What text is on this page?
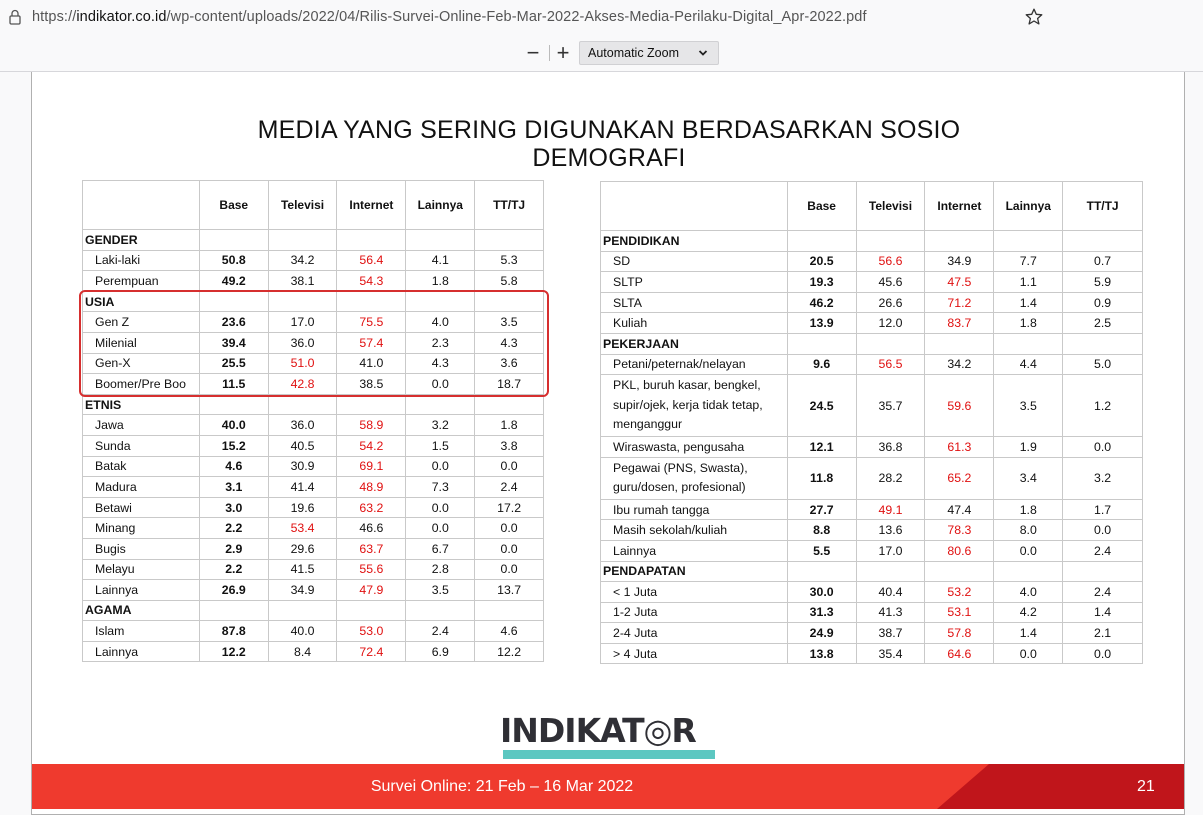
https://indikator.co.id/wp-content/uploads/2022/04/Rilis-Survei-Online-Feb-Mar-2022-Akses-Media-Perilaku-Digital_Apr-2022.pdf
− +	Automatic Zoom
MEDIA YANG SERING DIGUNAKAN BERDASARKAN SOSIO
DEMOGRAFI
	Base	Televisi	Internet	Lainnya	TT/TJ
GENDER					
Laki-laki	50.8	34.2	56.4	4.1	5.3
Perempuan	49.2	38.1	54.3	1.8	5.8
USIA					
Gen Z	23.6	17.0	75.5	4.0	3.5
Milenial	39.4	36.0	57.4	2.3	4.3
Gen-X	25.5	51.0	41.0	4.3	3.6
Boomer/Pre Boo	11.5	42.8	38.5	0.0	18.7
ETNIS					
Jawa	40.0	36.0	58.9	3.2	1.8
Sunda	15.2	40.5	54.2	1.5	3.8
Batak	4.6	30.9	69.1	0.0	0.0
Madura	3.1	41.4	48.9	7.3	2.4
Betawi	3.0	19.6	63.2	0.0	17.2
Minang	2.2	53.4	46.6	0.0	0.0
Bugis	2.9	29.6	63.7	6.7	0.0
Melayu	2.2	41.5	55.6	2.8	0.0
Lainnya	26.9	34.9	47.9	3.5	13.7
AGAMA					
Islam	87.8	40.0	53.0	2.4	4.6
Lainnya	12.2	8.4	72.4	6.9	12.2
	Base	Televisi	Internet	Lainnya	TT/TJ
PENDIDIKAN					
SD	20.5	56.6	34.9	7.7	0.7
SLTP	19.3	45.6	47.5	1.1	5.9
SLTA	46.2	26.6	71.2	1.4	0.9
Kuliah	13.9	12.0	83.7	1.8	2.5
PEKERJAAN					
Petani/peternak/nelayan	9.6	56.5	34.2	4.4	5.0
PKL, buruh kasar, bengkel, supir/ojek, kerja tidak tetap, menganggur	24.5	35.7	59.6	3.5	1.2
Wiraswasta, pengusaha	12.1	36.8	61.3	1.9	0.0
Pegawai (PNS, Swasta), guru/dosen, profesional)	11.8	28.2	65.2	3.4	3.2
Ibu rumah tangga	27.7	49.1	47.4	1.8	1.7
Masih sekolah/kuliah	8.8	13.6	78.3	8.0	0.0
Lainnya	5.5	17.0	80.6	0.0	2.4
PENDAPATAN					
< 1 Juta	30.0	40.4	53.2	4.0	2.4
1-2 Juta	31.3	41.3	53.1	4.2	1.4
2-4 Juta	24.9	38.7	57.8	1.4	2.1
> 4 Juta	13.8	35.4	64.6	0.0	0.0
INDIKAT◎R
Survei Online: 21 Feb – 16 Mar 2022	21
